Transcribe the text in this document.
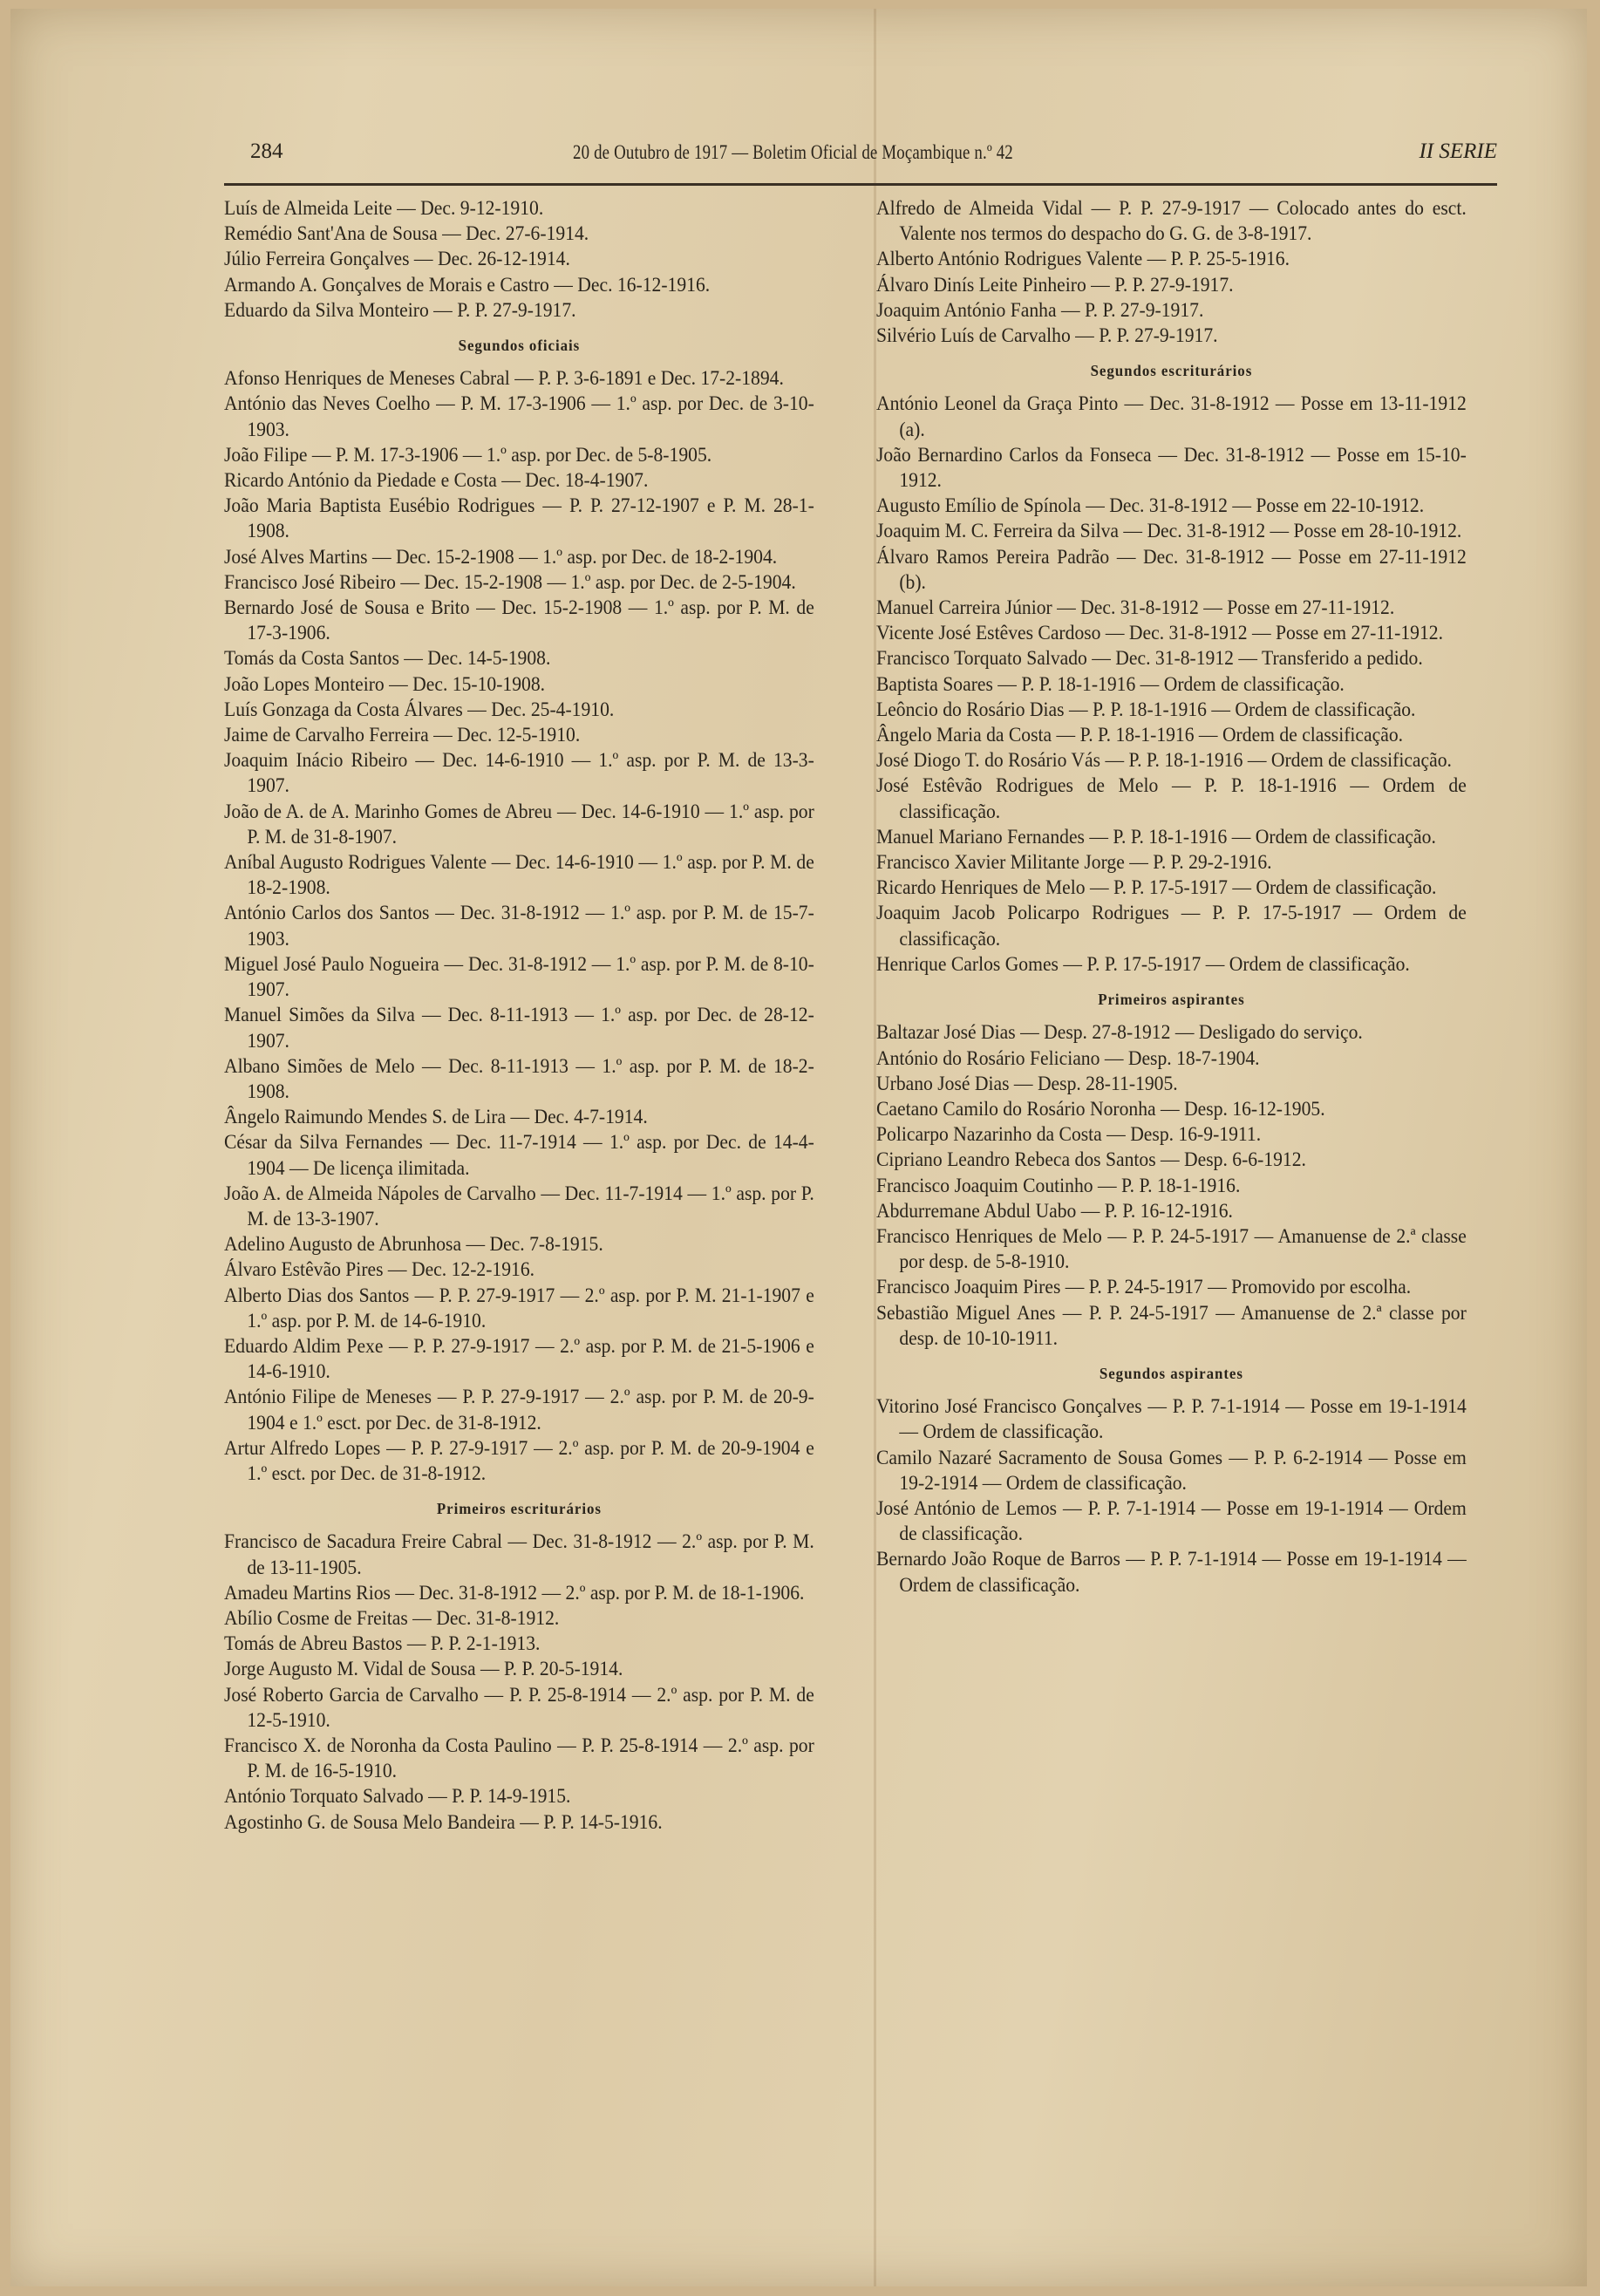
284	20 de Outubro de 1917 — Boletim Oficial de Moçambique n.º 42	II SERIE

Luís de Almeida Leite — Dec. 9-12-1910.

Remédio Sant'Ana de Sousa — Dec. 27-6-1914.

Júlio Ferreira Gonçalves — Dec. 26-12-1914.

Armando A. Gonçalves de Morais e Castro — Dec. 16-12-1916.

Eduardo da Silva Monteiro — P. P. 27-9-1917.

Segundos oficiais

Afonso Henriques de Meneses Cabral — P. P. 3-6-1891 e Dec. 17-2-1894.

António das Neves Coelho — P. M. 17-3-1906 — 1.º asp. por Dec. de 3-10-1903.

João Filipe — P. M. 17-3-1906 — 1.º asp. por Dec. de 5-8-1905.

Ricardo António da Piedade e Costa — Dec. 18-4-1907.

João Maria Baptista Eusébio Rodrigues — P. P. 27-12-1907 e P. M. 28-1-1908.

José Alves Martins — Dec. 15-2-1908 — 1.º asp. por Dec. de 18-2-1904.

Francisco José Ribeiro — Dec. 15-2-1908 — 1.º asp. por Dec. de 2-5-1904.

Bernardo José de Sousa e Brito — Dec. 15-2-1908 — 1.º asp. por P. M. de 17-3-1906.

Tomás da Costa Santos — Dec. 14-5-1908.

João Lopes Monteiro — Dec. 15-10-1908.

Luís Gonzaga da Costa Álvares — Dec. 25-4-1910.

Jaime de Carvalho Ferreira — Dec. 12-5-1910.

Joaquim Inácio Ribeiro — Dec. 14-6-1910 — 1.º asp. por P. M. de 13-3-1907.

João de A. de A. Marinho Gomes de Abreu — Dec. 14-6-1910 — 1.º asp. por P. M. de 31-8-1907.

Aníbal Augusto Rodrigues Valente — Dec. 14-6-1910 — 1.º asp. por P. M. de 18-2-1908.

António Carlos dos Santos — Dec. 31-8-1912 — 1.º asp. por P. M. de 15-7-1903.

Miguel José Paulo Nogueira — Dec. 31-8-1912 — 1.º asp. por P. M. de 8-10-1907.

Manuel Simões da Silva — Dec. 8-11-1913 — 1.º asp. por Dec. de 28-12-1907.

Albano Simões de Melo — Dec. 8-11-1913 — 1.º asp. por P. M. de 18-2-1908.

Ângelo Raimundo Mendes S. de Lira — Dec. 4-7-1914.

César da Silva Fernandes — Dec. 11-7-1914 — 1.º asp. por Dec. de 14-4-1904 — De licença ilimitada.

João A. de Almeida Nápoles de Carvalho — Dec. 11-7-1914 — 1.º asp. por P. M. de 13-3-1907.

Adelino Augusto de Abrunhosa — Dec. 7-8-1915.

Álvaro Estêvão Pires — Dec. 12-2-1916.

Alberto Dias dos Santos — P. P. 27-9-1917 — 2.º asp. por P. M. 21-1-1907 e 1.º asp. por P. M. de 14-6-1910.

Eduardo Aldim Pexe — P. P. 27-9-1917 — 2.º asp. por P. M. de 21-5-1906 e 14-6-1910.

António Filipe de Meneses — P. P. 27-9-1917 — 2.º asp. por P. M. de 20-9-1904 e 1.º esct. por Dec. de 31-8-1912.

Artur Alfredo Lopes — P. P. 27-9-1917 — 2.º asp. por P. M. de 20-9-1904 e 1.º esct. por Dec. de 31-8-1912.

Primeiros escriturários

Francisco de Sacadura Freire Cabral — Dec. 31-8-1912 — 2.º asp. por P. M. de 13-11-1905.

Amadeu Martins Rios — Dec. 31-8-1912 — 2.º asp. por P. M. de 18-1-1906.

Abílio Cosme de Freitas — Dec. 31-8-1912.

Tomás de Abreu Bastos — P. P. 2-1-1913.

Jorge Augusto M. Vidal de Sousa — P. P. 20-5-1914.

José Roberto Garcia de Carvalho — P. P. 25-8-1914 — 2.º asp. por P. M. de 12-5-1910.

Francisco X. de Noronha da Costa Paulino — P. P. 25-8-1914 — 2.º asp. por P. M. de 16-5-1910.

António Torquato Salvado — P. P. 14-9-1915.

Agostinho G. de Sousa Melo Bandeira — P. P. 14-5-1916.

Alfredo de Almeida Vidal — P. P. 27-9-1917 — Colocado antes do esct. Valente nos termos do despacho do G. G. de 3-8-1917.

Alberto António Rodrigues Valente — P. P. 25-5-1916.

Álvaro Dinís Leite Pinheiro — P. P. 27-9-1917.

Joaquim António Fanha — P. P. 27-9-1917.

Silvério Luís de Carvalho — P. P. 27-9-1917.

Segundos escriturários

António Leonel da Graça Pinto — Dec. 31-8-1912 — Posse em 13-11-1912 (a).

João Bernardino Carlos da Fonseca — Dec. 31-8-1912 — Posse em 15-10-1912.

Augusto Emílio de Spínola — Dec. 31-8-1912 — Posse em 22-10-1912.

Joaquim M. C. Ferreira da Silva — Dec. 31-8-1912 — Posse em 28-10-1912.

Álvaro Ramos Pereira Padrão — Dec. 31-8-1912 — Posse em 27-11-1912 (b).

Manuel Carreira Júnior — Dec. 31-8-1912 — Posse em 27-11-1912.

Vicente José Estêves Cardoso — Dec. 31-8-1912 — Posse em 27-11-1912.

Francisco Torquato Salvado — Dec. 31-8-1912 — Transferido a pedido.

Baptista Soares — P. P. 18-1-1916 — Ordem de classificação.

Leôncio do Rosário Dias — P. P. 18-1-1916 — Ordem de classificação.

Ângelo Maria da Costa — P. P. 18-1-1916 — Ordem de classificação.

José Diogo T. do Rosário Vás — P. P. 18-1-1916 — Ordem de classificação.

José Estêvão Rodrigues de Melo — P. P. 18-1-1916 — Ordem de classificação.

Manuel Mariano Fernandes — P. P. 18-1-1916 — Ordem de classificação.

Francisco Xavier Militante Jorge — P. P. 29-2-1916.

Ricardo Henriques de Melo — P. P. 17-5-1917 — Ordem de classificação.

Joaquim Jacob Policarpo Rodrigues — P. P. 17-5-1917 — Ordem de classificação.

Henrique Carlos Gomes — P. P. 17-5-1917 — Ordem de classificação.

Primeiros aspirantes

Baltazar José Dias — Desp. 27-8-1912 — Desligado do serviço.

António do Rosário Feliciano — Desp. 18-7-1904.

Urbano José Dias — Desp. 28-11-1905.

Caetano Camilo do Rosário Noronha — Desp. 16-12-1905.

Policarpo Nazarinho da Costa — Desp. 16-9-1911.

Cipriano Leandro Rebeca dos Santos — Desp. 6-6-1912.

Francisco Joaquim Coutinho — P. P. 18-1-1916.

Abdurremane Abdul Uabo — P. P. 16-12-1916.

Francisco Henriques de Melo — P. P. 24-5-1917 — Amanuense de 2.ª classe por desp. de 5-8-1910.

Francisco Joaquim Pires — P. P. 24-5-1917 — Promovido por escolha.

Sebastião Miguel Anes — P. P. 24-5-1917 — Amanuense de 2.ª classe por desp. de 10-10-1911.

Segundos aspirantes

Vitorino José Francisco Gonçalves — P. P. 7-1-1914 — Posse em 19-1-1914 — Ordem de classificação.

Camilo Nazaré Sacramento de Sousa Gomes — P. P. 6-2-1914 — Posse em 19-2-1914 — Ordem de classificação.

José António de Lemos — P. P. 7-1-1914 — Posse em 19-1-1914 — Ordem de classificação.

Bernardo João Roque de Barros — P. P. 7-1-1914 — Posse em 19-1-1914 — Ordem de classificação.
